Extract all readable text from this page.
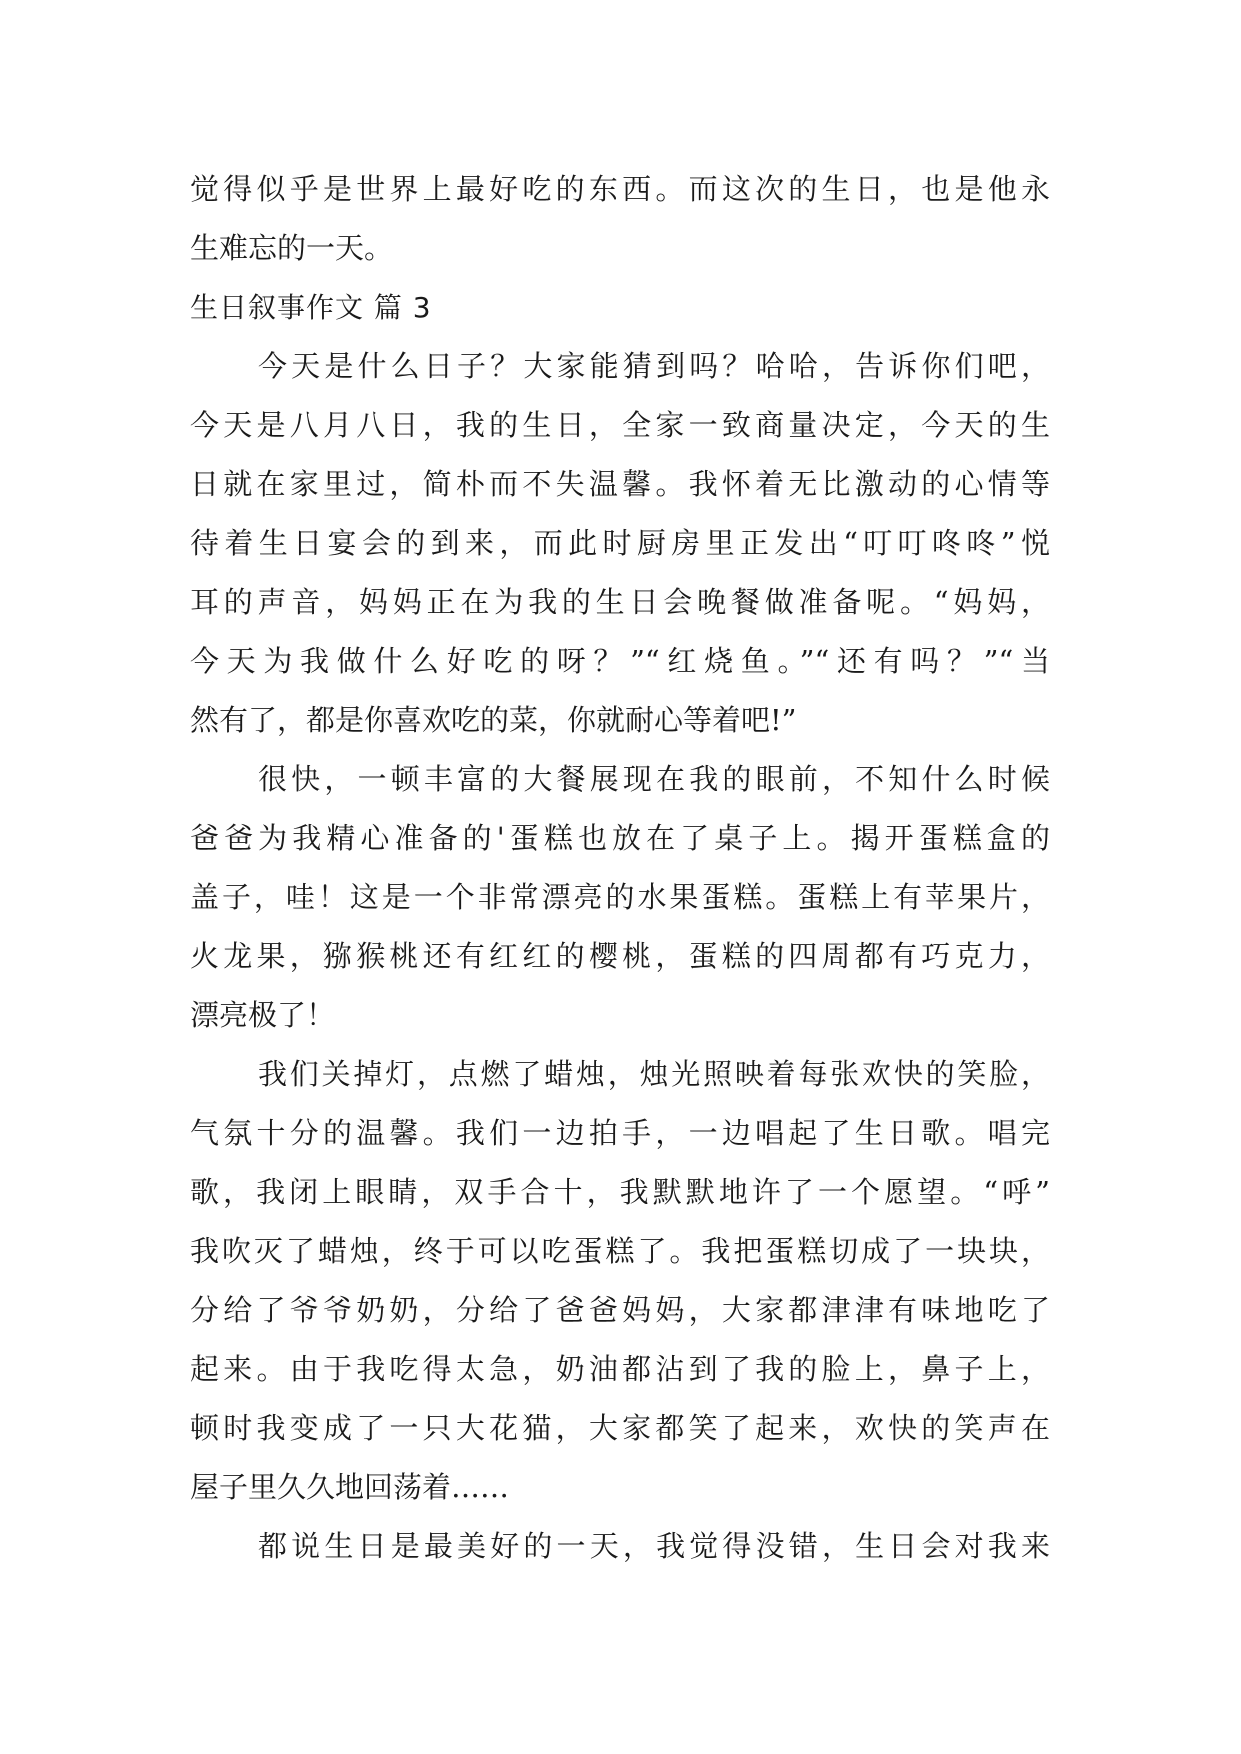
觉得似乎是世界上最好吃的东西。而这次的生日，也是他永
生难忘的一天。
生日叙事作文 篇 3
今天是什么日子？大家能猜到吗？哈哈，告诉你们吧，
今天是八月八日，我的生日，全家一致商量决定，今天的生
日就在家里过，简朴而不失温馨。我怀着无比激动的心情等
待着生日宴会的到来，而此时厨房里正发出“叮叮咚咚”悦
耳的声音，妈妈正在为我的生日会晚餐做准备呢。“妈妈，
今天为我做什么好吃的呀？”“红烧鱼。”“还有吗？”“当
然有了，都是你喜欢吃的菜，你就耐心等着吧!”
很快，一顿丰富的大餐展现在我的眼前，不知什么时候
爸爸为我精心准备的'蛋糕也放在了桌子上。揭开蛋糕盒的
盖子，哇！这是一个非常漂亮的水果蛋糕。蛋糕上有苹果片，
火龙果，猕猴桃还有红红的樱桃，蛋糕的四周都有巧克力，
漂亮极了！
我们关掉灯，点燃了蜡烛，烛光照映着每张欢快的笑脸，
气氛十分的温馨。我们一边拍手，一边唱起了生日歌。唱完
歌，我闭上眼睛，双手合十，我默默地许了一个愿望。“呼”
我吹灭了蜡烛，终于可以吃蛋糕了。我把蛋糕切成了一块块，
分给了爷爷奶奶，分给了爸爸妈妈，大家都津津有味地吃了
起来。由于我吃得太急，奶油都沾到了我的脸上，鼻子上，
顿时我变成了一只大花猫，大家都笑了起来，欢快的笑声在
屋子里久久地回荡着……
都说生日是最美好的一天，我觉得没错，生日会对我来
